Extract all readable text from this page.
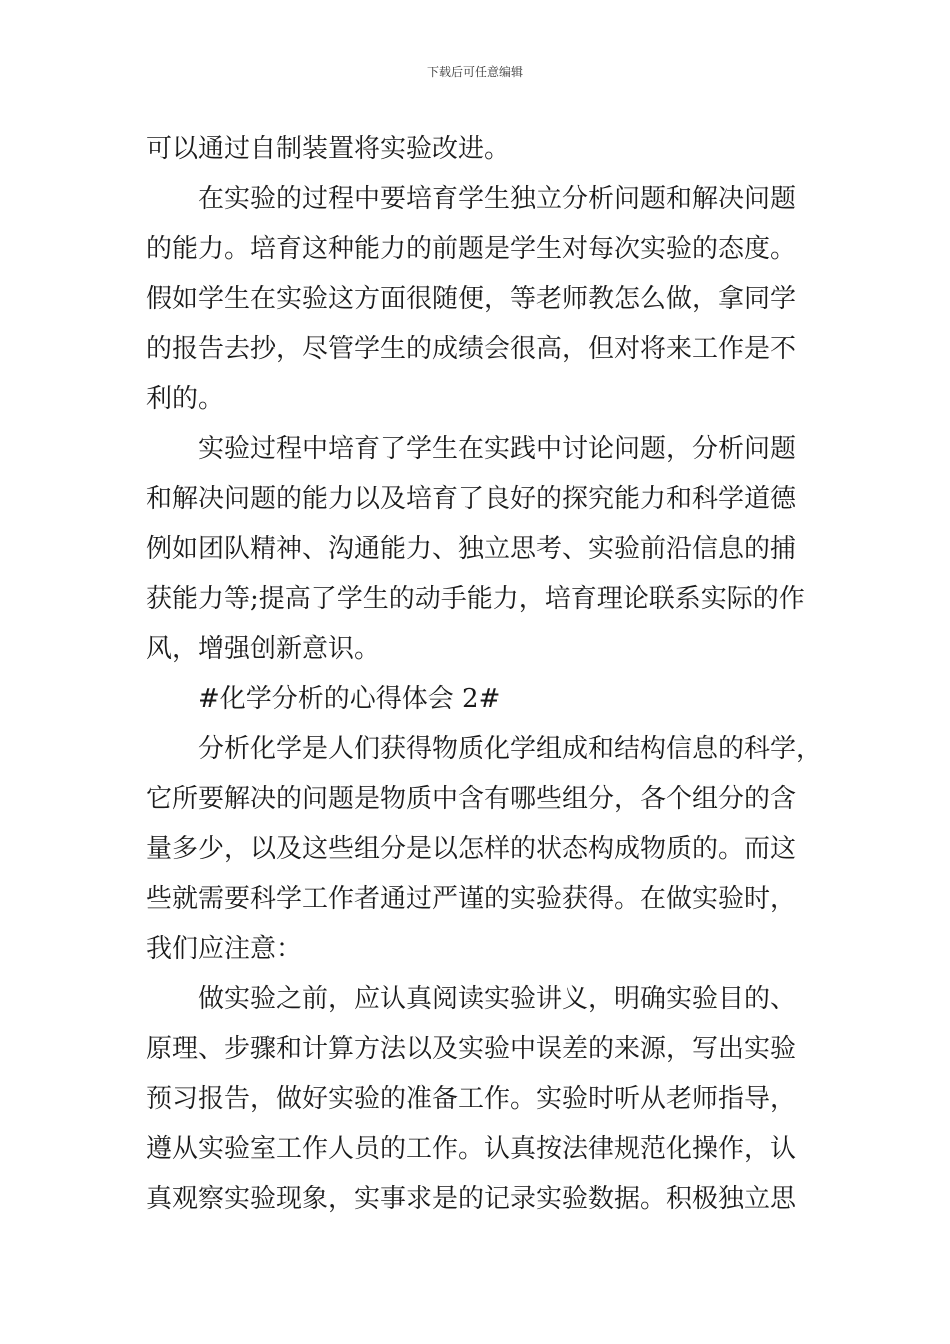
下载后可任意编辑
可以通过自制装置将实验改进。
在实验的过程中要培育学生独立分析问题和解决问题
的能力。培育这种能力的前题是学生对每次实验的态度。
假如学生在实验这方面很随便，等老师教怎么做，拿同学
的报告去抄，尽管学生的成绩会很高，但对将来工作是不
利的。
实验过程中培育了学生在实践中讨论问题，分析问题
和解决问题的能力以及培育了良好的探究能力和科学道德
例如团队精神、沟通能力、独立思考、实验前沿信息的捕
获能力等;提高了学生的动手能力，培育理论联系实际的作
风，增强创新意识。
#化学分析的心得体会 2#
分析化学是人们获得物质化学组成和结构信息的科学，
它所要解决的问题是物质中含有哪些组分，各个组分的含
量多少，以及这些组分是以怎样的状态构成物质的。而这
些就需要科学工作者通过严谨的实验获得。在做实验时，
我们应注意：
做实验之前，应认真阅读实验讲义，明确实验目的、
原理、步骤和计算方法以及实验中误差的来源，写出实验
预习报告，做好实验的准备工作。实验时听从老师指导，
遵从实验室工作人员的工作。认真按法律规范化操作，认
真观察实验现象，实事求是的记录实验数据。积极独立思
